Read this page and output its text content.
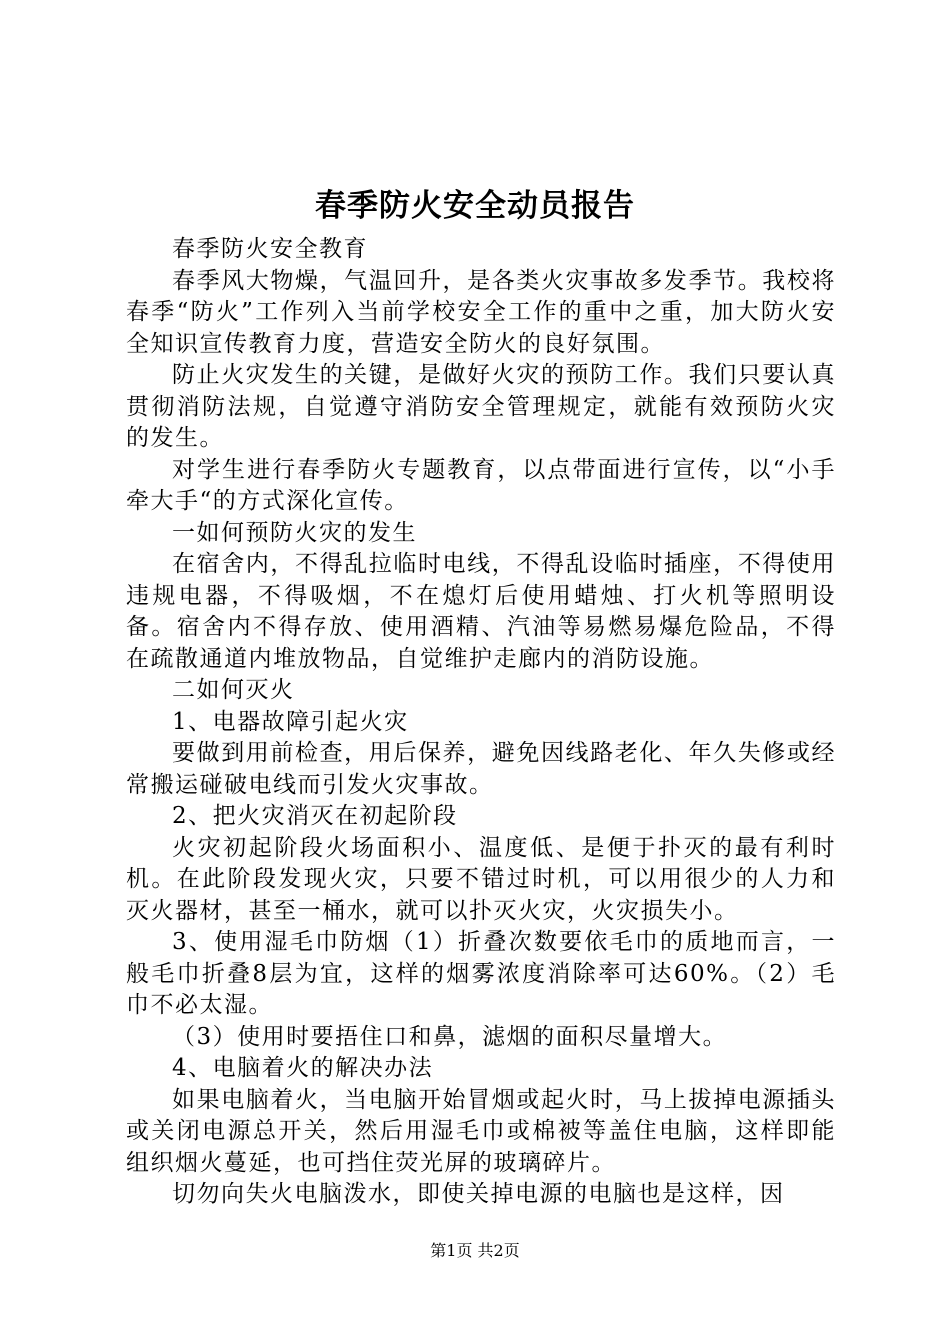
春季防火安全动员报告

春季防火安全教育

春季风大物燥，气温回升，是各类火灾事故多发季节。我校将春季“防火”工作列入当前学校安全工作的重中之重，加大防火安全知识宣传教育力度，营造安全防火的良好氛围。

防止火灾发生的关键，是做好火灾的预防工作。我们只要认真贯彻消防法规，自觉遵守消防安全管理规定，就能有效预防火灾的发生。

对学生进行春季防火专题教育，以点带面进行宣传，以“小手牵大手“的方式深化宣传。

一如何预防火灾的发生

在宿舍内，不得乱拉临时电线，不得乱设临时插座，不得使用违规电器，不得吸烟，不在熄灯后使用蜡烛、打火机等照明设备。宿舍内不得存放、使用酒精、汽油等易燃易爆危险品，不得在疏散通道内堆放物品，自觉维护走廊内的消防设施。

二如何灭火

1、电器故障引起火灾

要做到用前检查，用后保养，避免因线路老化、年久失修或经常搬运碰破电线而引发火灾事故。

2、把火灾消灭在初起阶段

火灾初起阶段火场面积小、温度低、是便于扑灭的最有利时机。在此阶段发现火灾，只要不错过时机，可以用很少的人力和灭火器材，甚至一桶水，就可以扑灭火灾，火灾损失小。

3、使用湿毛巾防烟（1）折叠次数要依毛巾的质地而言，一般毛巾折叠8层为宜，这样的烟雾浓度消除率可达60%。（2）毛巾不必太湿。

（3）使用时要捂住口和鼻，滤烟的面积尽量增大。

4、电脑着火的解决办法

如果电脑着火，当电脑开始冒烟或起火时，马上拔掉电源插头或关闭电源总开关，然后用湿毛巾或棉被等盖住电脑，这样即能组织烟火蔓延，也可挡住荧光屏的玻璃碎片。

切勿向失火电脑泼水，即使关掉电源的电脑也是这样，因

第1页 共2页
